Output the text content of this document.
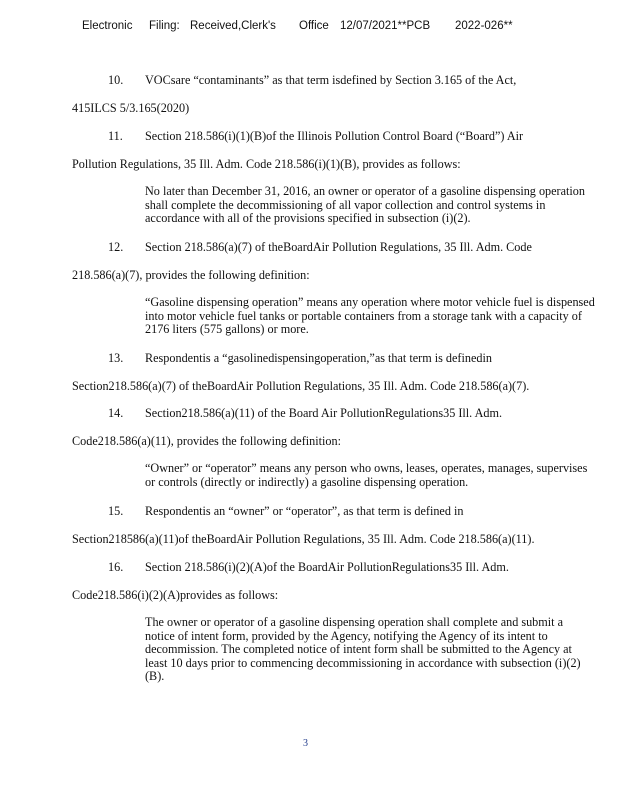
Electronic Filing: Received,Clerk's Office 12/07/2021**PCB 2022-026**
10. VOCsare “contaminants” as that term isdefined by Section 3.165 of the Act,
415ILCS 5/3.165(2020)
11. Section 218.586(i)(1)(B)of the Illinois Pollution Control Board (“Board”) Air
Pollution Regulations, 35 Ill. Adm. Code 218.586(i)(1)(B), provides as follows:
No later than December 31, 2016, an owner or operator of a gasoline dispensing operation shall complete the decommissioning of all vapor collection and control systems in accordance with all of the provisions specified in subsection (i)(2).
12. Section 218.586(a)(7) of theBoardAir Pollution Regulations, 35 Ill. Adm. Code
218.586(a)(7), provides the following definition:
“Gasoline dispensing operation” means any operation where motor vehicle fuel is dispensed into motor vehicle fuel tanks or portable containers from a storage tank with a capacity of 2176 liters (575 gallons) or more.
13. Respondentis a “gasolinedispensingoperation,”as that term is definedin
Section218.586(a)(7) of theBoardAir Pollution Regulations, 35 Ill. Adm. Code 218.586(a)(7).
14. Section218.586(a)(11) of the Board Air PollutionRegulations35 Ill. Adm.
Code218.586(a)(11), provides the following definition:
“Owner” or “operator” means any person who owns, leases, operates, manages, supervises or controls (directly or indirectly) a gasoline dispensing operation.
15. Respondentis an “owner” or “operator”, as that term is defined in
Section218586(a)(11)of theBoardAir Pollution Regulations, 35 Ill. Adm. Code 218.586(a)(11).
16. Section 218.586(i)(2)(A)of the BoardAir PollutionRegulations35 Ill. Adm.
Code218.586(i)(2)(A)provides as follows:
The owner or operator of a gasoline dispensing operation shall complete and submit a notice of intent form, provided by the Agency, notifying the Agency of its intent to decommission. The completed notice of intent form shall be submitted to the Agency at least 10 days prior to commencing decommissioning in accordance with subsection (i)(2)(B).
3
